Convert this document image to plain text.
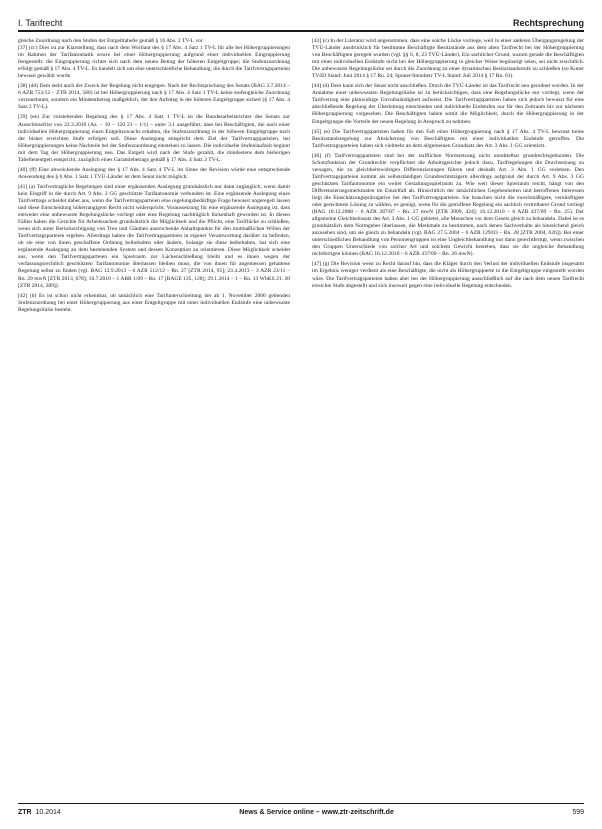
I. Tarifrecht	Rechtsprechung

gleiche Zuordnung nach den Stufen der Entgelttabelle gemäß § 16 Abs. 2 TV-L vor.

[37] (cc) Dies ist zur Klarstellung, dass nach dem Wortlaut des § 17 Abs. 4 Satz 1 TV-L für alle bei Höhergruppierungen im Rahmen der Tarifautomatik sowie bei einer Höhergruppierung aufgrund einer individuellen Eingruppierung festgestellt: die Eingruppierung richtet sich nach dem neuen Betrag der höheren Entgeltgruppe; die Stufenzuordnung erfolgt gemäß § 17 Abs. 4 TV-L. Es handelt sich um eine unterschiedliche Behandlung, die durch die Tarifvertragsparteien bewusst gewählt wurde.

[38] (dd) Dem steht auch der Zweck der Regelung nicht entgegen. Nach der Rechtsprechung des Senats (BAG 3.7.2014 – 6 AZR 753/12 – ZTR 2014, 580) ist bei Höhergruppierung nach § 17 Abs. 4 Satz 1 TV-L keine stufengleiche Zuordnung vorzunehmen, sondern ein Mindestbetrag maßgeblich, der den Aufstieg in der höheren Entgeltgruppe sichert (§ 17 Abs. 4 Satz 2 TV-L).

[39] (ee) Zur vorstehenden Regelung des § 17 Abs. 4 Satz 1 TV-L ist die Bundesarbeitsrichter des Senats zur Ausschlussfrist von 22.3.2010 (Az. – 10 – 120 21 – 1/1) – unter 3.1 ausgeführt, dass bei Beschäftigten, die nach einer individuellen Höhergruppierung einen Entgeltzuwachs erhalten, die Stufenzuordnung in der höheren Entgeltgruppe nach der bisher erreichten Stufe erfolgen soll. Diese Auslegung entspricht dem Ziel der Tarifvertragsparteien, bei Höhergruppierungen keine Nachteile bei der Stufenzuordnung entstehen zu lassen. Die individuelle Stufenlaufzeit beginnt mit dem Tag der Höhergruppierung neu. Das Entgelt wird nach der Stufe gezahlt, die mindestens dem bisherigen Tabellenentgelt entspricht, zuzüglich eines Garantiebetrags gemäß § 17 Abs. 4 Satz 2 TV-L.

[40] (ff) Eine abweichende Auslegung des § 17 Abs. 4 Satz 4 TV-L im Sinne der Revision würde eine entsprechende Anwendung des § 6 Abs. 1 Satz 1 TVÜ-Länder ist dem Senat nicht möglich.

[41] (a) Tarifvertragliche Regelungen sind einer ergänzenden Auslegung grundsätzlich nur dann zugänglich, wenn damit kein Eingriff in die durch Art. 9 Abs. 3 GG geschützte Tarifautonomie verbunden ist. Eine ergänzende Auslegung eines Tarifvertrags scheidet daher aus, wenn die Tarifvertragsparteien eine regelungsbedürftige Frage bewusst ungeregelt lassen und diese Entscheidung höherrangigem Recht nicht widerspricht. Voraussetzung für eine ergänzende Auslegung ist, dass entweder eine unbewusste Regelungslücke vorliegt oder eine Regelung nachträglich lückenhaft geworden ist. In diesen Fällen haben die Gerichte für Arbeitssachen grundsätzlich die Möglichkeit und die Pflicht, eine Tariflücke zu schließen, wenn sich unter Berücksichtigung von Treu und Glauben ausreichende Anhaltspunkte für den mutmaßlichen Willen der Tarifvertragsparteien ergeben. Allerdings haben die Tarifvertragsparteien in eigener Verantwortung darüber zu befinden, ob sie eine von ihnen geschaffene Ordnung beibehalten oder ändern. Solange sie diese beibehalten, hat sich eine ergänzende Auslegung an dem bestehenden System und dessen Konzeption zu orientieren. Diese Möglichkeit scheidet aus, wenn den Tarifvertragsparteien ein Spielraum zur Lückenschließung bleibt und es ihnen wegen der verfassungsrechtlich geschützten Tarifautonomie überlassen bleiben muss, die von ihnen für angemessen gehaltene Regelung selbst zu finden (vgl. BAG 12.9.2013 – 6 AZR 512/12 – Rn. 27 [ZTR 2014, 95]; 23.4.2013 – 3 AZR 23/11 – Rn. 29 mwN [ZTR 2013, 678]; 16.7.2010 – 1 ABR 1/09 – Rn. 17 [BAGE 135, 128]; 29.1.2014 – 1 – Rn. 13 WbKS 21. 20 [ZTR 2014, 289]).

[42] (b) Es ist schon nicht erkennbar, ob tatsächlich eine Tarifunterschreitung der ab 1. November 2006 geltenden Stufenzuordnung bei einer Höhergruppierung aus einer Entgeltgruppe mit einer individuellen Endstufe eine unbewusste Regelungslücke besteht.

[43] (c) In der Literatur wird angenommen, dass eine solche Lücke vorliege, weil in einer anderen Übergangsregelung der TVÜ-Länder ausdrücklich für bestimmte Beschäftigte Besitzstände aus dem alten Tarifrecht bei der Höhergruppierung von Beschäftigten geregelt wurden (vgl. §§ 6, 8, 23 TVÜ-Länder). Ein sachlicher Grund, warum gerade die Beschäftigten mit einer individuellen Endstufe nicht bei der Höhergruppierung in gleicher Weise begünstigt seien, sei nicht ersichtlich. Die unbewusste Regelungslücke sei durch die Zuordnung zu einer dynamischen Besitzstandsstufe zu schließen (so Kuner TVöD Stand: Juni 2014 § 17 Rn. 24; Sponer/Steinherr TV-L Stand: Juli 2014 § 17 Rn. 61).

[44] (d) Dem kann sich der Senat nicht anschließen. Durch die TVÜ-Länder ist das Tarifrecht neu geordnet worden. In der Annahme einer unbewussten Regelungslücke ist zu berücksichtigen, dass eine Regelungslücke nur vorliegt, wenn der Tarifvertrag eine planwidrige Unvollständigkeit aufweist. Die Tarifvertragsparteien haben sich jedoch bewusst für eine abschließende Regelung der Überleitung entschieden und individuelle Endstufen nur für den Zeitraum bis zur nächsten Höhergruppierung vorgesehen. Die Beschäftigten haben somit die Möglichkeit, durch die Höhergruppierung in der Entgeltgruppe die Vorteile der neuen Regelung in Anspruch zu nehmen.

[45] (e) Die Tarifvertragsparteien haben für den Fall einer Höhergruppierung nach § 17 Abs. 4 TV-L bewusst keine Besitzstandsregelung zur Absicherung von Beschäftigten mit einer individuellen Endstufe getroffen. Die Tarifvertragsparteien haben sich vielmehr an dem allgemeinen Grundsatz des Art. 3 Abs. 1 GG orientiert.

[46] (f) Tarifvertragsparteien sind bei der tariflichen Normsetzung nicht unmittelbar grundrechtsgebunden. Die Schutzfunktion der Grundrechte verpflichtet die Arbeitsgerichte jedoch dazu, Tarifregelungen die Durchsetzung zu versagen, die zu gleichheitswidrigen Differenzierungen führen und deshalb Art. 3 Abs. 1 GG verletzen. Den Tarifvertragsparteien kommt als selbstständigen Grundrechtsträgern allerdings aufgrund der durch Art. 9 Abs. 3 GG geschützten Tarifautonomie ein weiter Gestaltungsspielraum zu. Wie weit dieser Spielraum reicht, hängt von den Differenzierungsmerkmalen im Einzelfall ab. Hinsichtlich der tatsächlichen Gegebenheiten und betroffenen Interessen liegt die Einschätzungsprärogative bei den Tarifvertragsparteien. Sie brauchen nicht die zweckmäßigste, vernünftigste oder gerechteste Lösung zu wählen, es genügt, wenn für die getroffene Regelung ein sachlich vertretbarer Grund vorliegt (BAG 18.12.2008 – 6 AZR 287/07 – Rn. 27 mwN [ZTR 2009, 424]; 16.12.2010 – 6 AZR 437/09 – Rn. 25). Der allgemeine Gleichheitssatz des Art. 3 Abs. 1 GG gebietet, alle Menschen vor dem Gesetz gleich zu behandeln. Dabei ist es grundsätzlich dem Normgeber überlassen, die Merkmale zu bestimmen, nach denen Sachverhalte als hinreichend gleich anzusehen sind, um sie gleich zu behandeln (vgl. BAG 27.5.2004 – 6 AZR 129/03 – Rn. 28 [ZTR 2004, 626]). Bei einer unterschiedlichen Behandlung von Personengruppen ist eine Ungleichbehandlung nur dann gerechtfertigt, wenn zwischen den Gruppen Unterschiede von solcher Art und solchem Gewicht bestehen, dass sie die ungleiche Behandlung rechtfertigen können (BAG 16.12.2010 – 6 AZR 437/09 – Rn. 26 mwN).

[47] (g) Die Revision weist zu Recht darauf hin, dass die Kläger durch den Verlust der individuellen Endstufe insgesamt im Ergebnis weniger verdient als eine Beschäftigte, die nicht als Höhergruppierte in die Entgeltgruppe eingestellt worden wäre. Die Tarifvertragsparteien haben aber bei der Höhergruppierung ausschließlich auf die nach dem neuen Tarifrecht erreichte Stufe abgestellt und sich insoweit gegen eine individuelle Regelung entschieden.

ZTR 10.2014	News & Service online – www.ztr-zeitschrift.de	599
